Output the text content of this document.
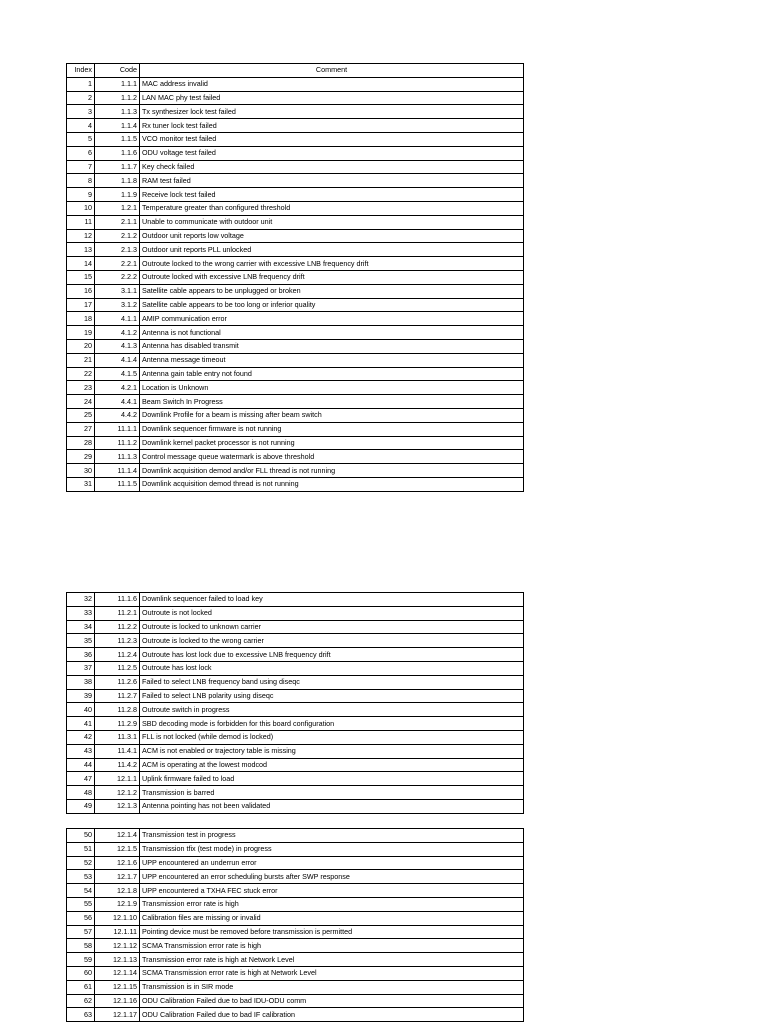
Index	Code	Comment
1	1.1.1	MAC address invalid
2	1.1.2	LAN MAC phy test failed
3	1.1.3	Tx synthesizer lock test failed
4	1.1.4	Rx tuner lock test failed
5	1.1.5	VCO monitor test failed
6	1.1.6	ODU voltage test failed
7	1.1.7	Key check failed
8	1.1.8	RAM test failed
9	1.1.9	Receive lock test failed
10	1.2.1	Temperature greater than configured threshold
11	2.1.1	Unable to communicate with outdoor unit
12	2.1.2	Outdoor unit reports low voltage
13	2.1.3	Outdoor unit reports PLL unlocked
14	2.2.1	Outroute locked to the wrong carrier with excessive LNB frequency drift
15	2.2.2	Outroute locked with excessive LNB frequency drift
16	3.1.1	Satellite cable appears to be unplugged or broken
17	3.1.2	Satellite cable appears to be too long or inferior quality
18	4.1.1	AMIP communication error
19	4.1.2	Antenna is not functional
20	4.1.3	Antenna has disabled transmit
21	4.1.4	Antenna message timeout
22	4.1.5	Antenna gain table entry not found
23	4.2.1	Location is Unknown
24	4.4.1	Beam Switch In Progress
25	4.4.2	Downlink Profile for a beam is missing after beam switch
27	11.1.1	Downlink sequencer firmware is not running
28	11.1.2	Downlink kernel packet processor is not running
29	11.1.3	Control message queue watermark is above threshold
30	11.1.4	Downlink acquisition demod and/or FLL thread is not running
31	11.1.5	Downlink acquisition demod thread is not running
32	11.1.6	Downlink sequencer failed to load key
33	11.2.1	Outroute is not locked
34	11.2.2	Outroute is locked to unknown carrier
35	11.2.3	Outroute is locked to the wrong carrier
36	11.2.4	Outroute has lost lock due to excessive LNB frequency drift
37	11.2.5	Outroute has lost lock
38	11.2.6	Failed to select LNB frequency band using diseqc
39	11.2.7	Failed to select LNB polarity using diseqc
40	11.2.8	Outroute switch in progress
41	11.2.9	SBD decoding mode is forbidden for this board configuration
42	11.3.1	FLL is not locked (while demod is locked)
43	11.4.1	ACM is not enabled or trajectory table is missing
44	11.4.2	ACM is operating at the lowest modcod
47	12.1.1	Uplink firmware failed to load
48	12.1.2	Transmission is barred
49	12.1.3	Antenna pointing has not been validated
50	12.1.4	Transmission test in progress
51	12.1.5	Transmission tfix (test mode) in progress
52	12.1.6	UPP encountered an underrun error
53	12.1.7	UPP encountered an error scheduling bursts after SWP response
54	12.1.8	UPP encountered a TXHA FEC stuck error
55	12.1.9	Transmission error rate is high
56	12.1.10	Calibration files are missing or invalid
57	12.1.11	Pointing device must be removed before transmission is permitted
58	12.1.12	SCMA Transmission error rate is high
59	12.1.13	Transmission error rate is high at Network Level
60	12.1.14	SCMA Transmission error rate is high at Network Level
61	12.1.15	Transmission is in SIR mode
62	12.1.16	ODU Calibration Failed due to bad IDU-ODU comm
63	12.1.17	ODU Calibration Failed due to bad IF calibration
